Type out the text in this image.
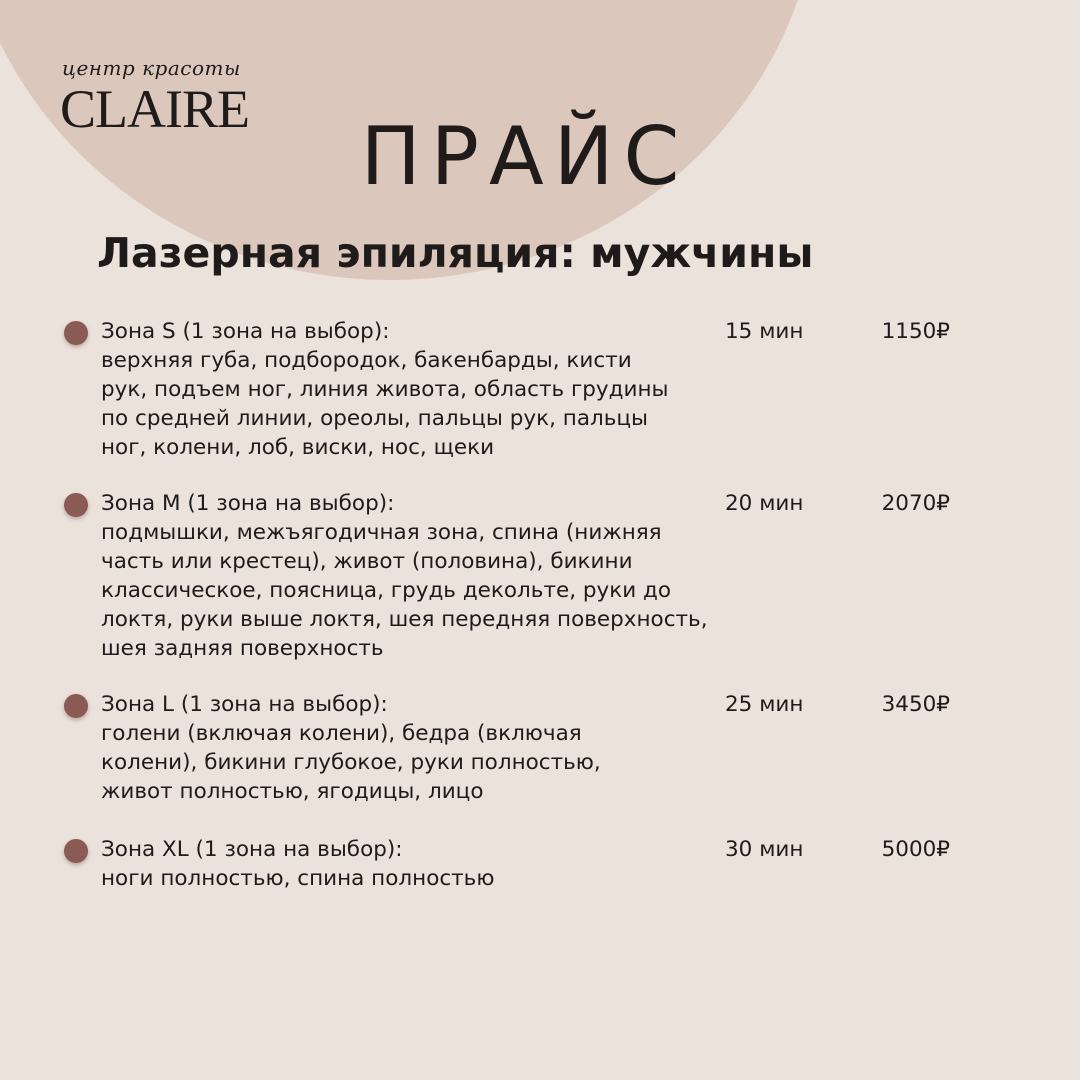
центр красоты
CLAIRE
ПРАЙС
Лазерная эпиляция: мужчины
Зона S (1 зона на выбор):
верхняя губа, подбородок, бакенбарды, кисти рук, подъем ног, линия живота, область грудины по средней линии, ореолы, пальцы рук, пальцы ног, колени, лоб, виски, нос, щеки
15 мин	1150₽
Зона М (1 зона на выбор):
подмышки, межъягодичная зона, спина (нижняя часть или крестец), живот (половина), бикини классическое, поясница, грудь декольте, руки до локтя, руки выше локтя, шея передняя поверхность, шея задняя поверхность
20 мин	2070₽
Зона L (1 зона на выбор):
голени (включая колени), бедра (включая колени), бикини глубокое, руки полностью, живот полностью, ягодицы, лицо
25 мин	3450₽
Зона XL (1 зона на выбор):
ноги полностью, спина полностью
30 мин	5000₽
